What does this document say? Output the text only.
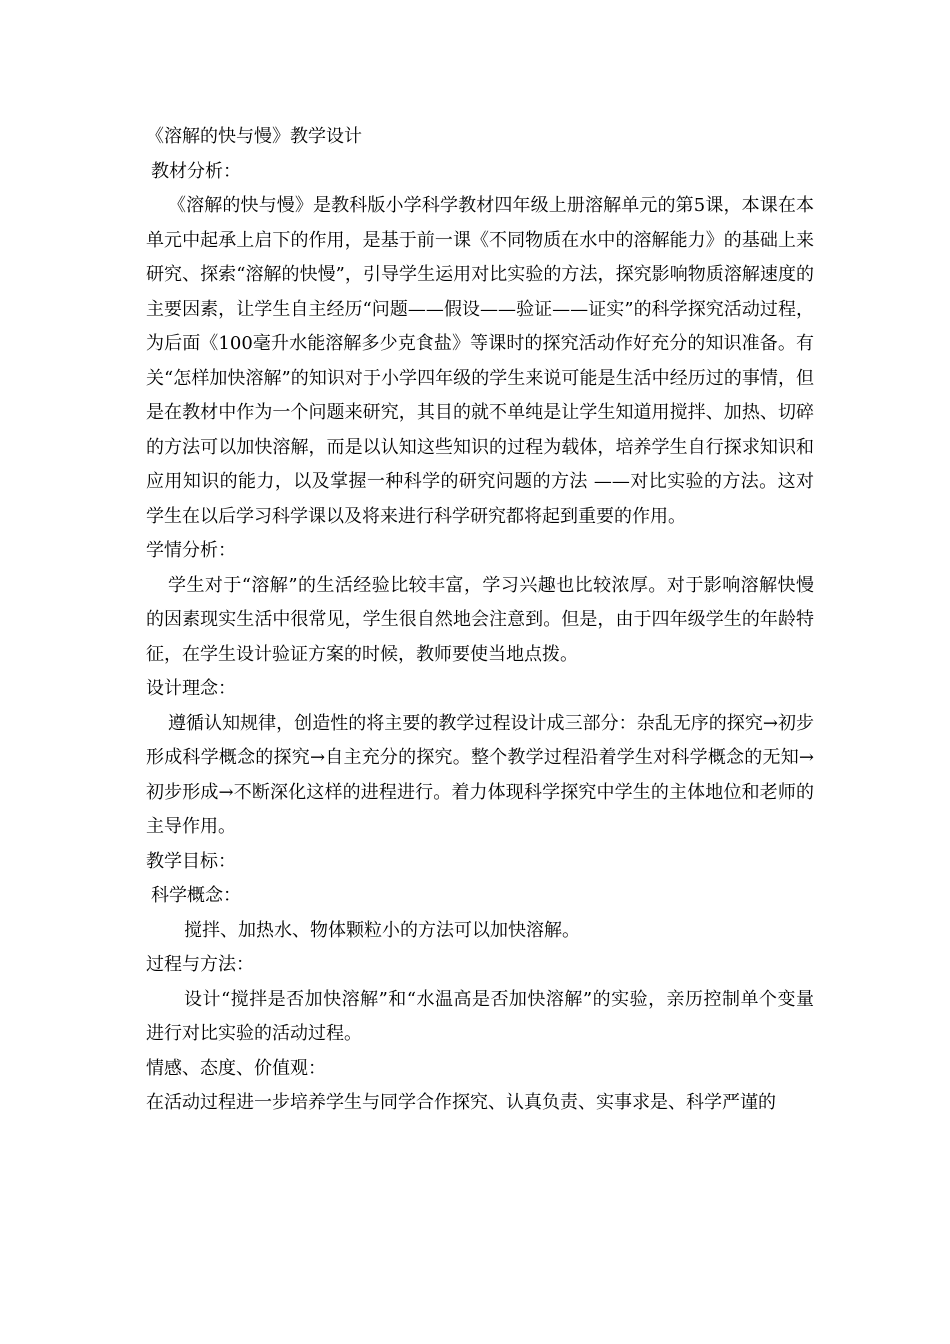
《溶解的快与慢》教学设计

教材分析：

《溶解的快与慢》是教科版小学科学教材四年级上册溶解单元的第5课，本课在本单元中起承上启下的作用，是基于前一课《不同物质在水中的溶解能力》的基础上来研究、探索“溶解的快慢”，引导学生运用对比实验的方法，探究影响物质溶解速度的主要因素，让学生自主经历“问题——假设——验证——证实”的科学探究活动过程，为后面《100毫升水能溶解多少克食盐》等课时的探究活动作好充分的知识准备。有关“怎样加快溶解”的知识对于小学四年级的学生来说可能是生活中经历过的事情，但是在教材中作为一个问题来研究，其目的就不单纯是让学生知道用搅拌、加热、切碎的方法可以加快溶解，而是以认知这些知识的过程为载体，培养学生自行探求知识和应用知识的能力，以及掌握一种科学的研究问题的方法 ——对比实验的方法。这对学生在以后学习科学课以及将来进行科学研究都将起到重要的作用。

学情分析：

学生对于“溶解”的生活经验比较丰富，学习兴趣也比较浓厚。对于影响溶解快慢的因素现实生活中很常见，学生很自然地会注意到。但是，由于四年级学生的年龄特征，在学生设计验证方案的时候，教师要使当地点拨。

设计理念：

遵循认知规律，创造性的将主要的教学过程设计成三部分：杂乱无序的探究→初步形成科学概念的探究→自主充分的探究。整个教学过程沿着学生对科学概念的无知→初步形成→不断深化这样的进程进行。着力体现科学探究中学生的主体地位和老师的主导作用。

教学目标：

科学概念：

搅拌、加热水、物体颗粒小的方法可以加快溶解。

过程与方法：

设计“搅拌是否加快溶解”和“水温高是否加快溶解”的实验，亲历控制单个变量进行对比实验的活动过程。

情感、态度、价值观：

在活动过程进一步培养学生与同学合作探究、认真负责、实事求是、科学严谨的
